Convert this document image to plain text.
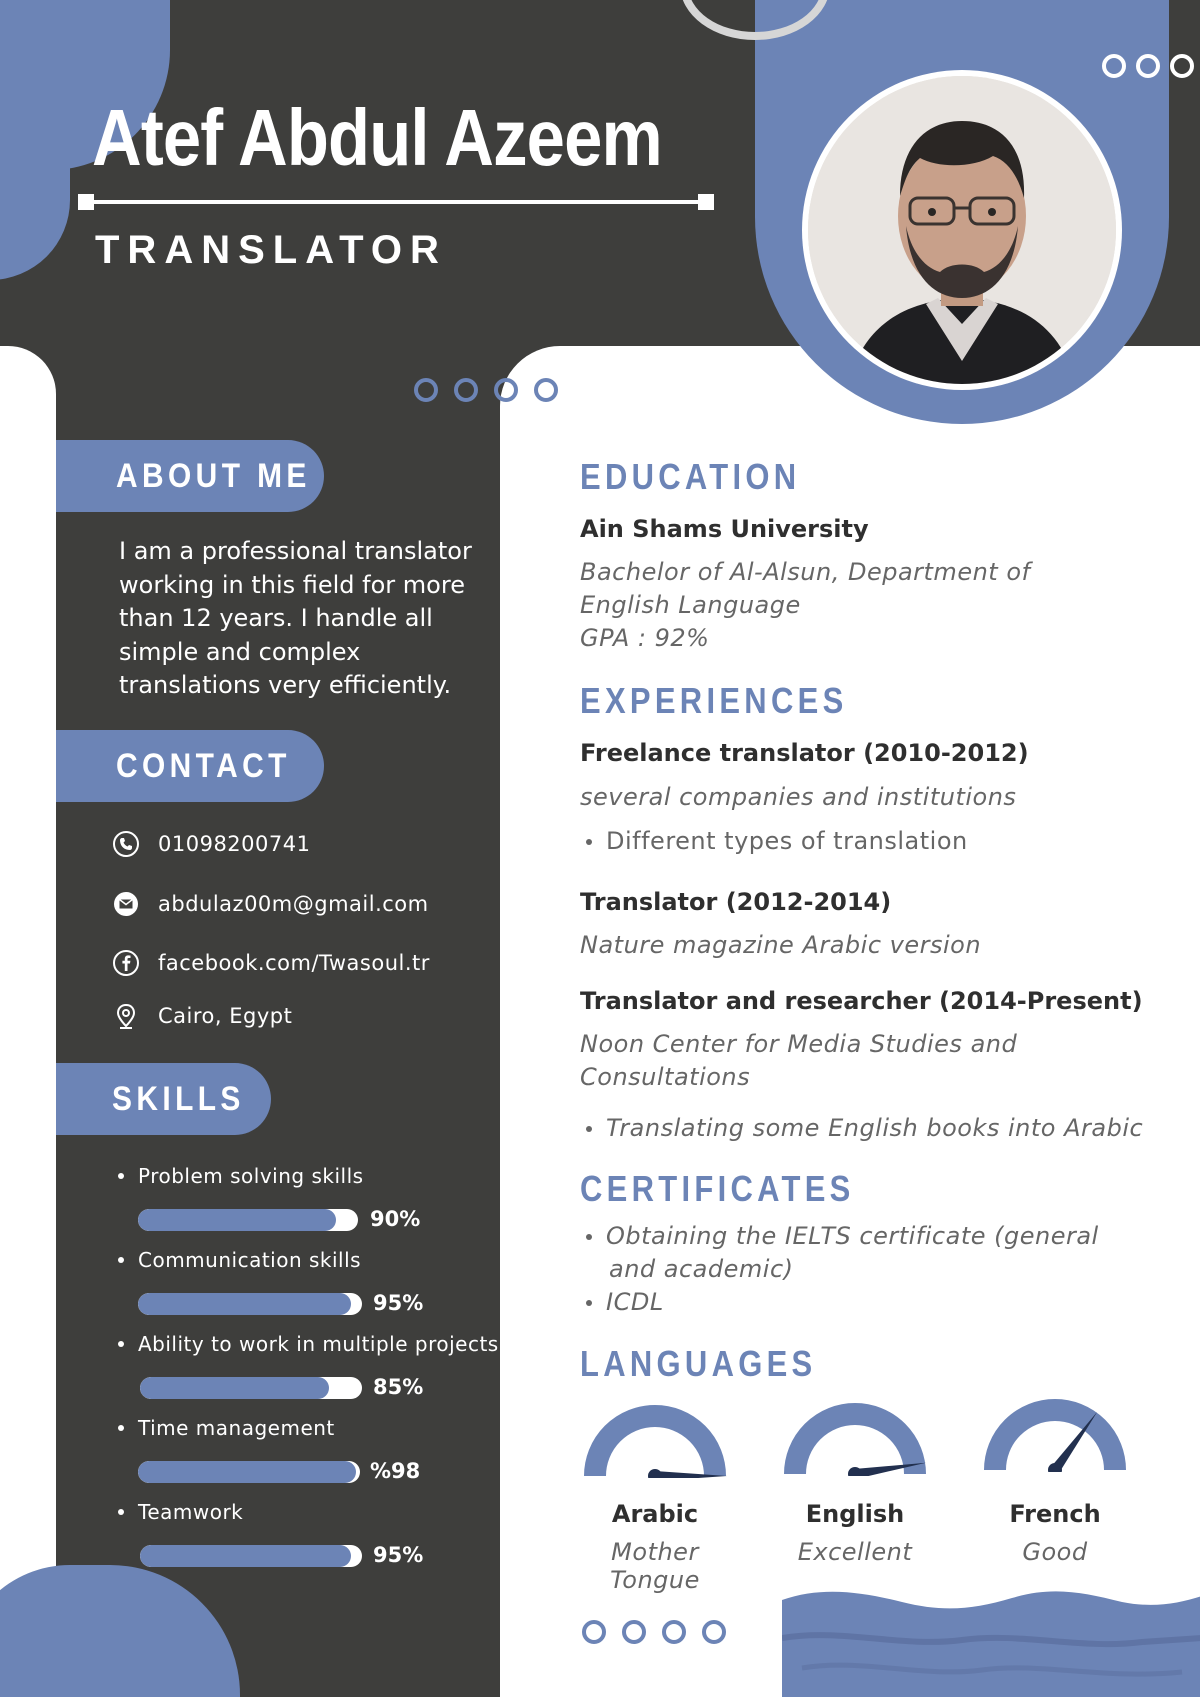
Atef Abdul Azeem
TRANSLATOR
ABOUT ME
I am a professional translator working in this field for more than 12 years. I handle all simple and complex translations very efficiently.
CONTACT
01098200741
abdulaz00m@gmail.com
facebook.com/Twasoul.tr
Cairo, Egypt
SKILLS
Problem solving skills
90%
Communication skills
95%
Ability to work in multiple projects
85%
Time management
%98
Teamwork
95%
EDUCATION
Ain Shams University
Bachelor of Al-Alsun, Department of
English Language
GPA : 92%
EXPERIENCES
Freelance translator (2010-2012)
several companies and institutions
Different types of translation
Translator (2012-2014)
Nature magazine Arabic version
Translator and researcher (2014-Present)
Noon Center for Media Studies and
Consultations
Translating some English books into Arabic
CERTIFICATES
Obtaining the IELTS certificate (general
and academic)
ICDL
LANGUAGES
Arabic
Mother Tongue
English
Excellent
French
Good
